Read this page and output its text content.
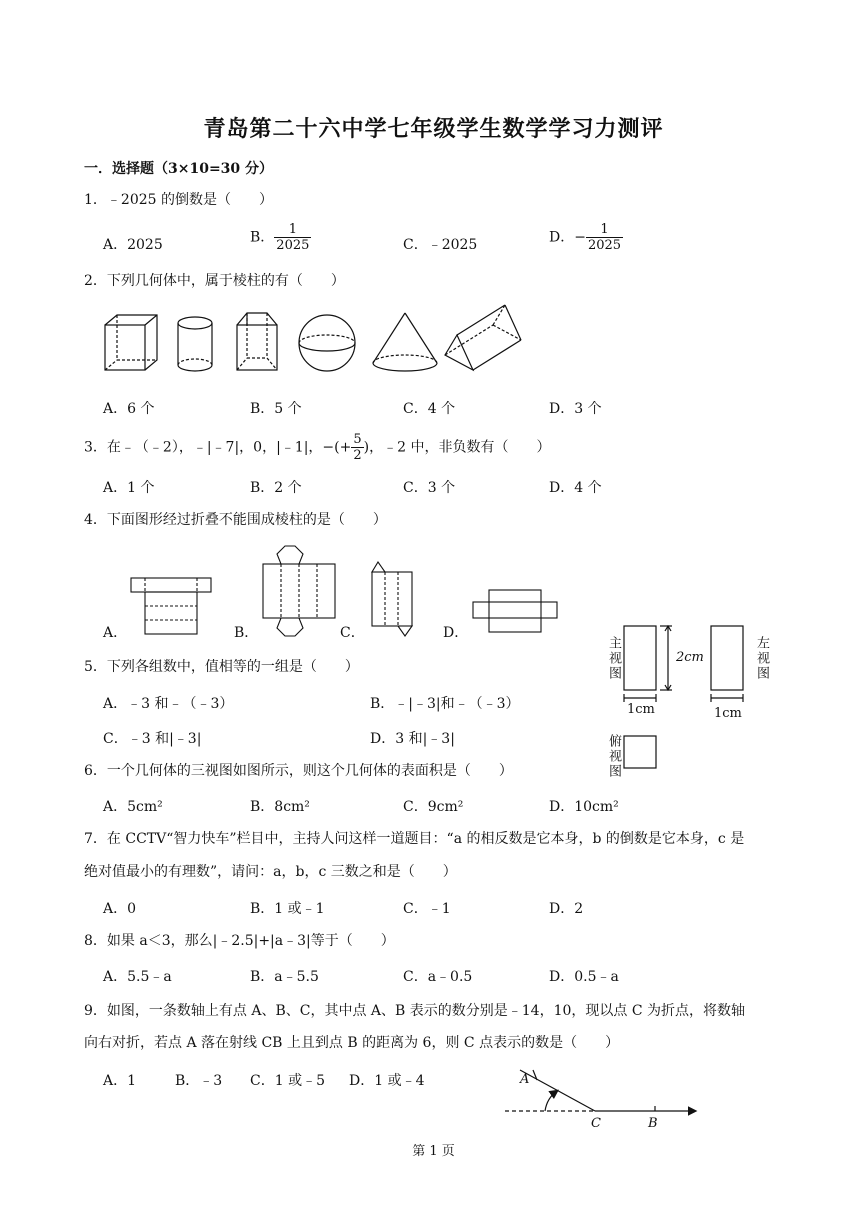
青岛第二十六中学七年级学生数学学习力测评
一．选择题（3×10=30 分）
1．﹣2025 的倒数是（　　）
A．2025	B． $\frac{1}{2025}$	C．﹣2025	D．− $\frac{1}{2025}$
2．下列几何体中，属于棱柱的有（　　）
A．6 个	B．5 个	C．4 个	D．3 个
3．在﹣（﹣2），﹣|﹣7|，0，|﹣1|，−(+ $\frac{5}{2}$ )，﹣2 中，非负数有（　　）
A．1 个	B．2 个	C．3 个	D．4 个
4．下面图形经过折叠不能围成棱柱的是（　　）
A．	B．	C．	D．
5．下列各组数中，值相等的一组是（　　）
A．﹣3 和﹣（﹣3）	B．﹣|﹣3|和﹣（﹣3）
C．﹣3 和|﹣3|	D．3 和|﹣3|
主视图	左视图
俯视图
2cm
1cm	1cm
6．一个几何体的三视图如图所示，则这个几何体的表面积是（　　）
A．5cm²	B．8cm²	C．9cm²	D．10cm²
7．在 CCTV“智力快车”栏目中，主持人问这样一道题目：“a 的相反数是它本身，b 的倒数是它本身，c 是
绝对值最小的有理数”，请问：a，b，c 三数之和是（　　）
A．0	B．1 或﹣1	C．﹣1	D．2
8．如果 a＜3，那么|﹣2.5|+|a﹣3|等于（　　）
A．5.5﹣a	B．a﹣5.5	C．a﹣0.5	D．0.5﹣a
9．如图，一条数轴上有点 A、B、C，其中点 A、B 表示的数分别是﹣14，10，现以点 C 为折点，将数轴
向右对折，若点 A 落在射线 CB 上且到点 B 的距离为 6，则 C 点表示的数是（　　）
A．1	B．﹣3 C．1 或﹣5 D．1 或﹣4	A
C	B
第 1 页
